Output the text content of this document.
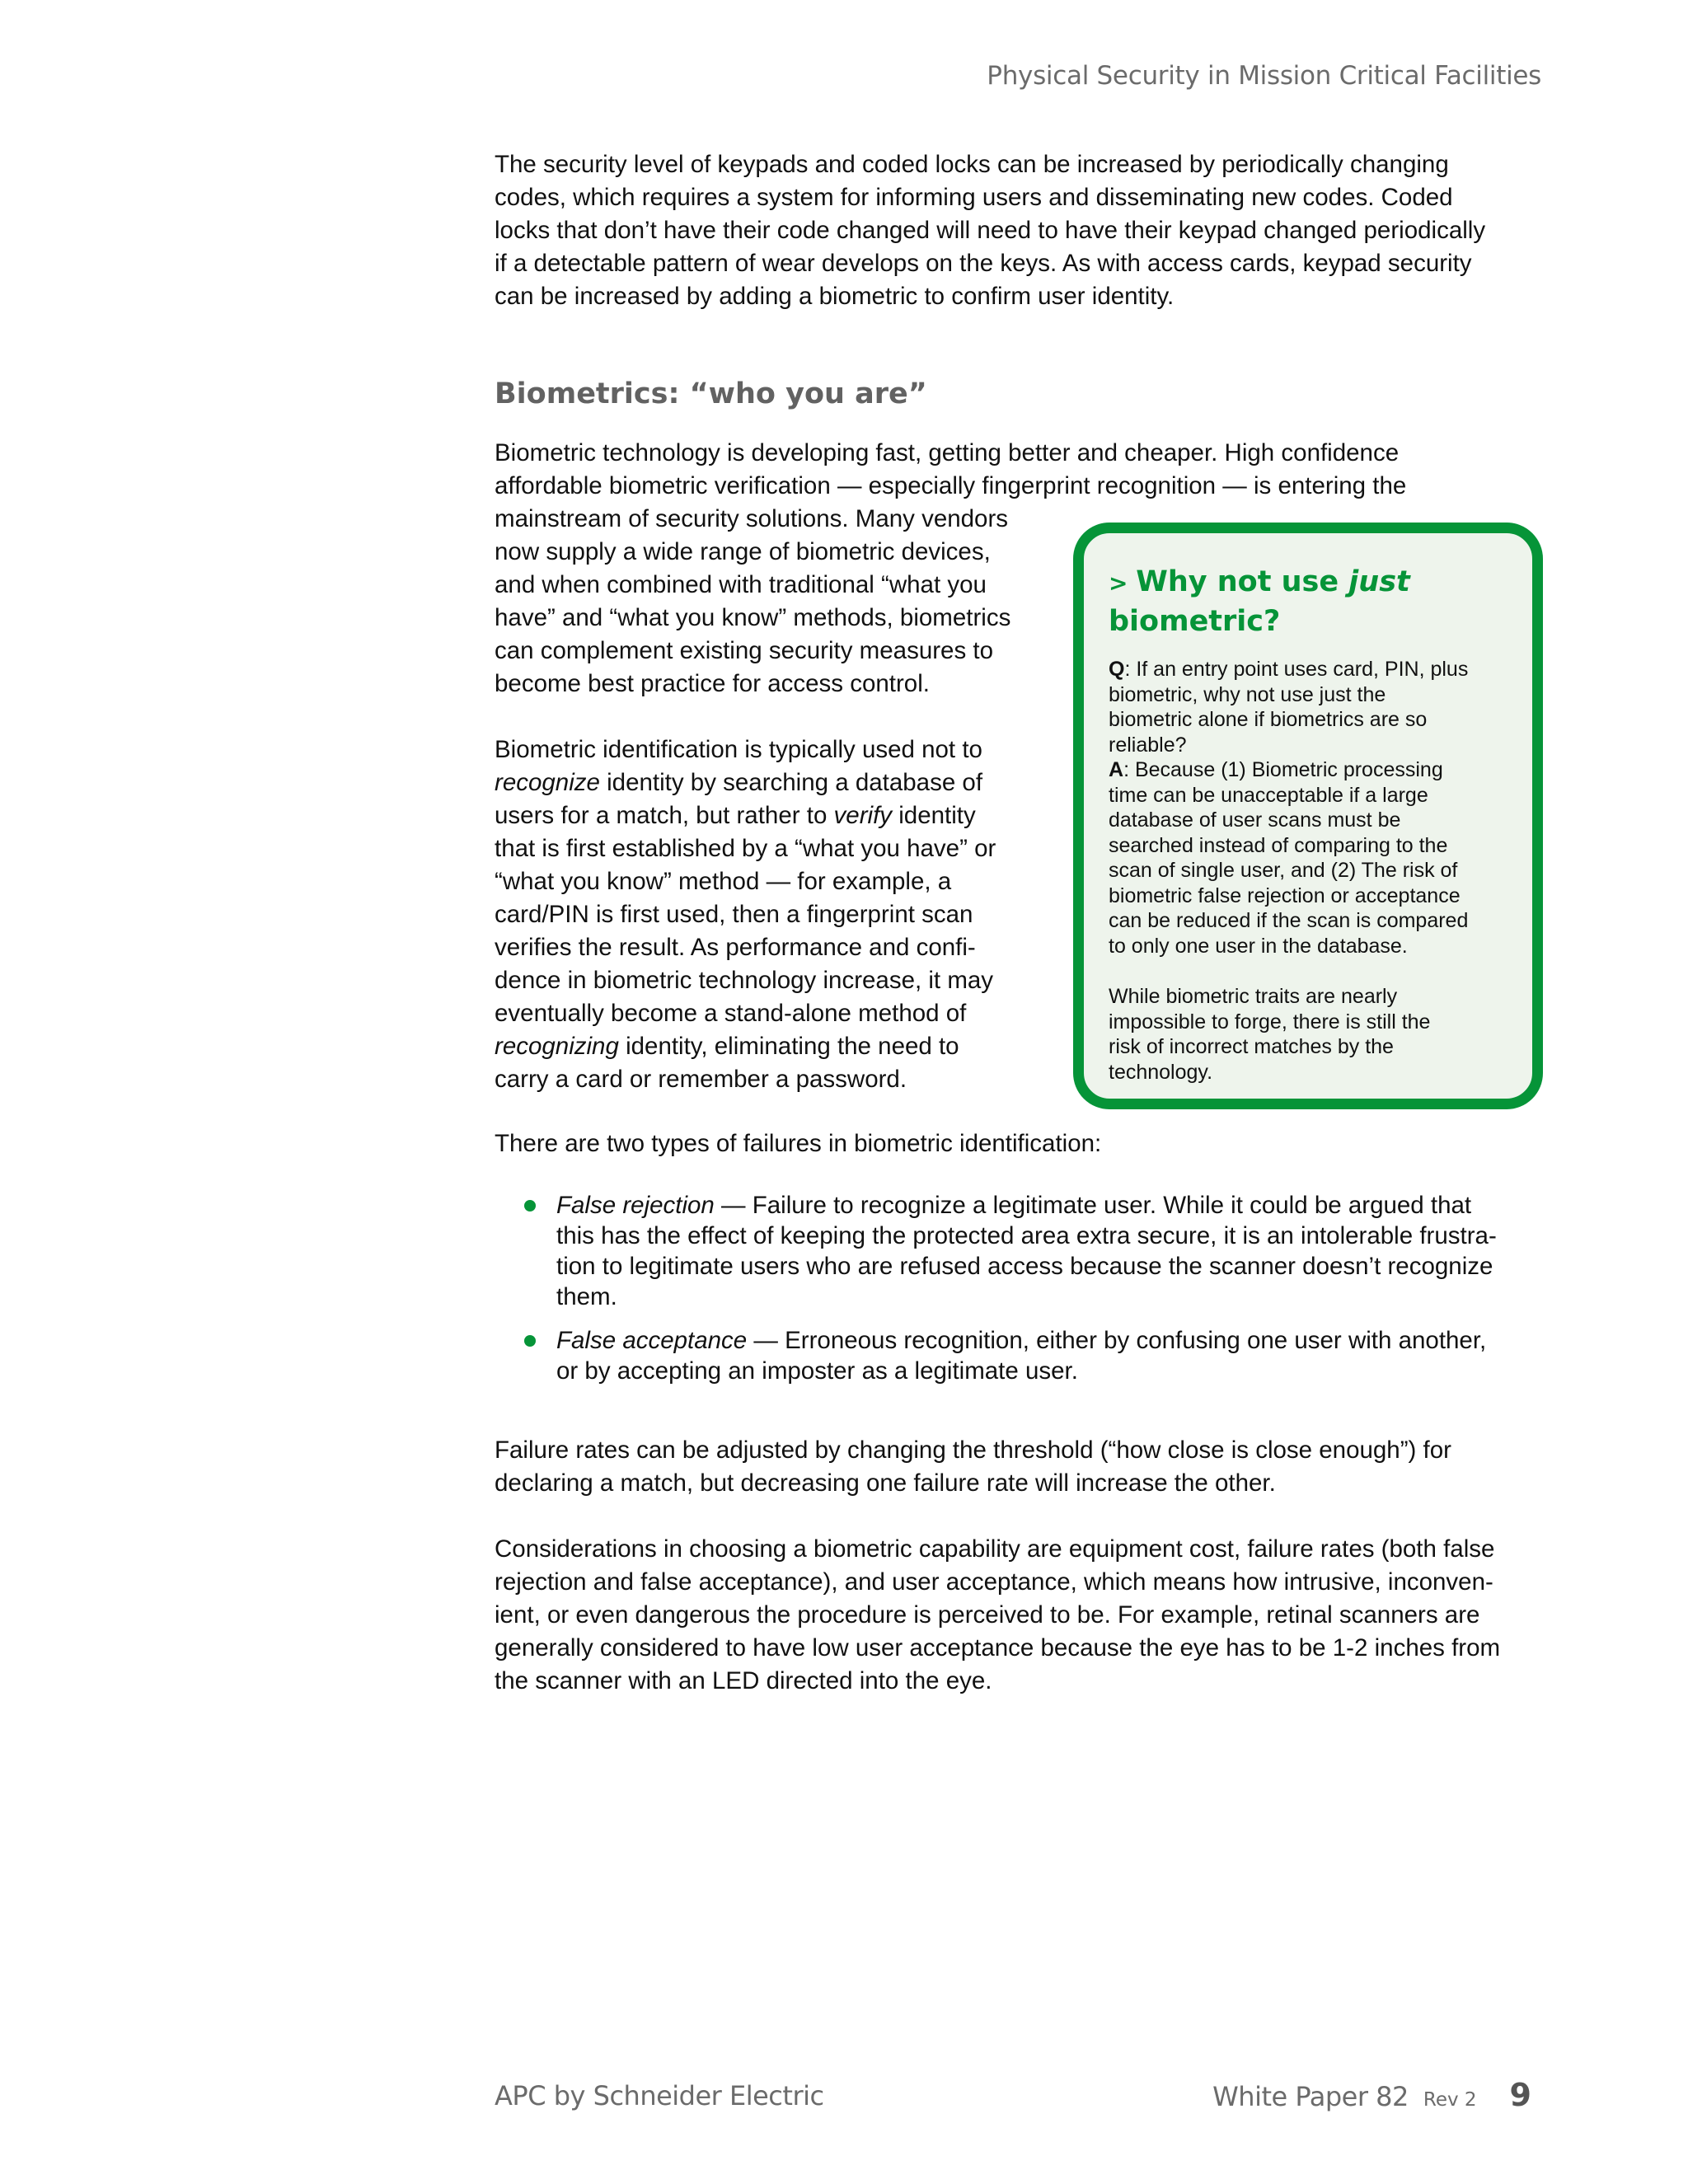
Physical Security in Mission Critical Facilities

The security level of keypads and coded locks can be increased by periodically changing
codes, which requires a system for informing users and disseminating new codes. Coded
locks that don’t have their code changed will need to have their keypad changed periodically
if a detectable pattern of wear develops on the keys. As with access cards, keypad security
can be increased by adding a biometric to confirm user identity.

Biometrics: “who you are”

Biometric technology is developing fast, getting better and cheaper. High confidence
affordable biometric verification — especially fingerprint recognition — is entering the
mainstream of security solutions. Many vendors
now supply a wide range of biometric devices,
and when combined with traditional “what you
have” and “what you know” methods, biometrics
can complement existing security measures to
become best practice for access control.

Biometric identification is typically used not to
recognize identity by searching a database of
users for a match, but rather to verify identity
that is first established by a “what you have” or
“what you know” method — for example, a
card/PIN is first used, then a fingerprint scan
verifies the result. As performance and confi-
dence in biometric technology increase, it may
eventually become a stand-alone method of
recognizing identity, eliminating the need to
carry a card or remember a password.

> Why not use just
biometric?

Q: If an entry point uses card, PIN, plus
biometric, why not use just the
biometric alone if biometrics are so
reliable?
A: Because (1) Biometric processing
time can be unacceptable if a large
database of user scans must be
searched instead of comparing to the
scan of single user, and (2) The risk of
biometric false rejection or acceptance
can be reduced if the scan is compared
to only one user in the database.

While biometric traits are nearly
impossible to forge, there is still the
risk of incorrect matches by the
technology.

There are two types of failures in biometric identification:

False rejection — Failure to recognize a legitimate user. While it could be argued that
this has the effect of keeping the protected area extra secure, it is an intolerable frustra-
tion to legitimate users who are refused access because the scanner doesn’t recognize
them.
False acceptance — Erroneous recognition, either by confusing one user with another,
or by accepting an imposter as a legitimate user.

Failure rates can be adjusted by changing the threshold (“how close is close enough”) for
declaring a match, but decreasing one failure rate will increase the other.

Considerations in choosing a biometric capability are equipment cost, failure rates (both false
rejection and false acceptance), and user acceptance, which means how intrusive, inconven-
ient, or even dangerous the procedure is perceived to be. For example, retinal scanners are
generally considered to have low user acceptance because the eye has to be 1-2 inches from
the scanner with an LED directed into the eye.

APC by Schneider Electric	White Paper 82 Rev 2 9
